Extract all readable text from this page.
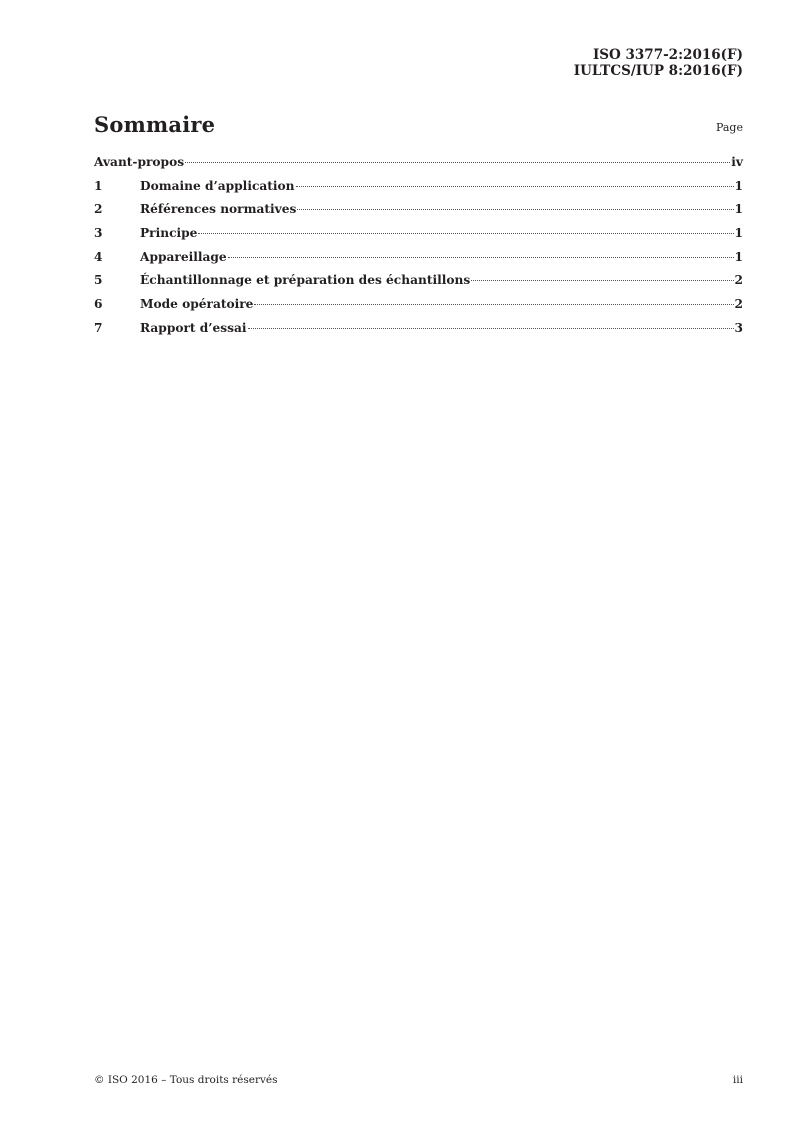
ISO 3377-2:2016(F)
IULTCS/IUP 8:2016(F)
Sommaire	Page
Avant-propos	iv
1	Domaine d’application	1
2	Références normatives	1
3	Principe	1
4	Appareillage	1
5	Échantillonnage et préparation des échantillons	2
6	Mode opératoire	2
7	Rapport d’essai	3
© ISO 2016 – Tous droits réservés	iii
